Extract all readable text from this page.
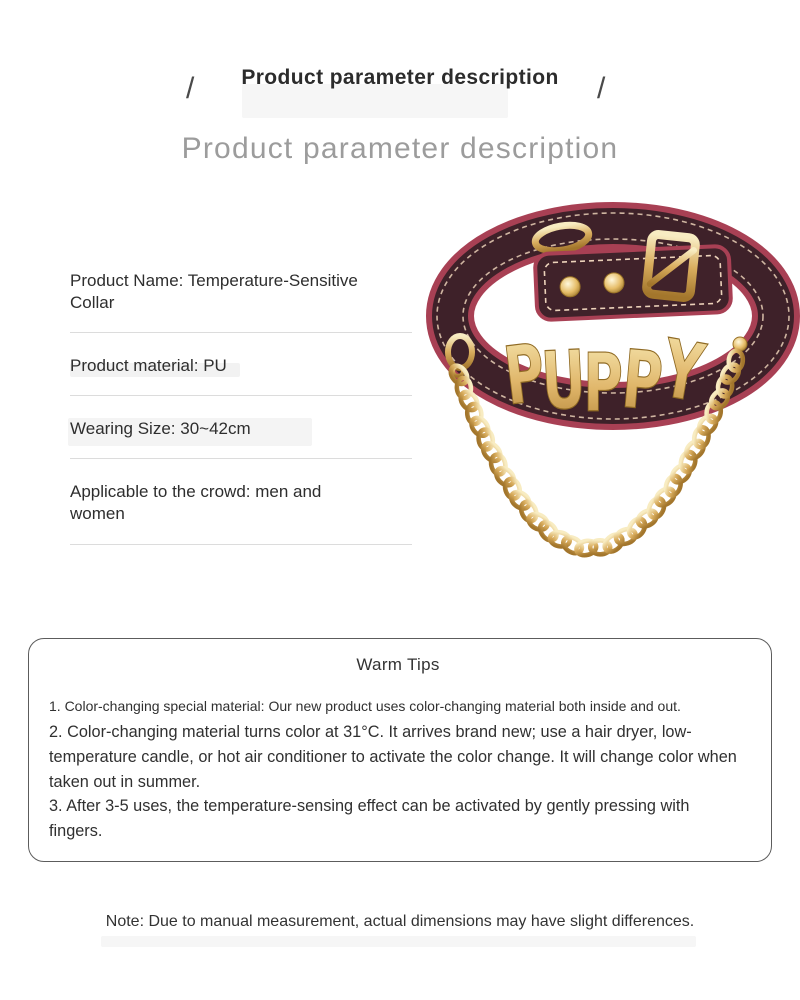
/	Product parameter description	/
Product parameter description
Product Name: Temperature-Sensitive Collar
Product material: PU
Wearing Size: 30~42cm
Applicable to the crowd: men and women
P
U
P
P
Y
Warm Tips

1. Color-changing special material: Our new product uses color-changing material both inside and out.

2. Color-changing material turns color at 31°C. It arrives brand new; use a hair dryer, low-temperature candle, or hot air conditioner to activate the color change. It will change color when taken out in summer.

3. After 3-5 uses, the temperature-sensing effect can be activated by gently pressing with fingers.

Note: Due to manual measurement, actual dimensions may have slight differences.
